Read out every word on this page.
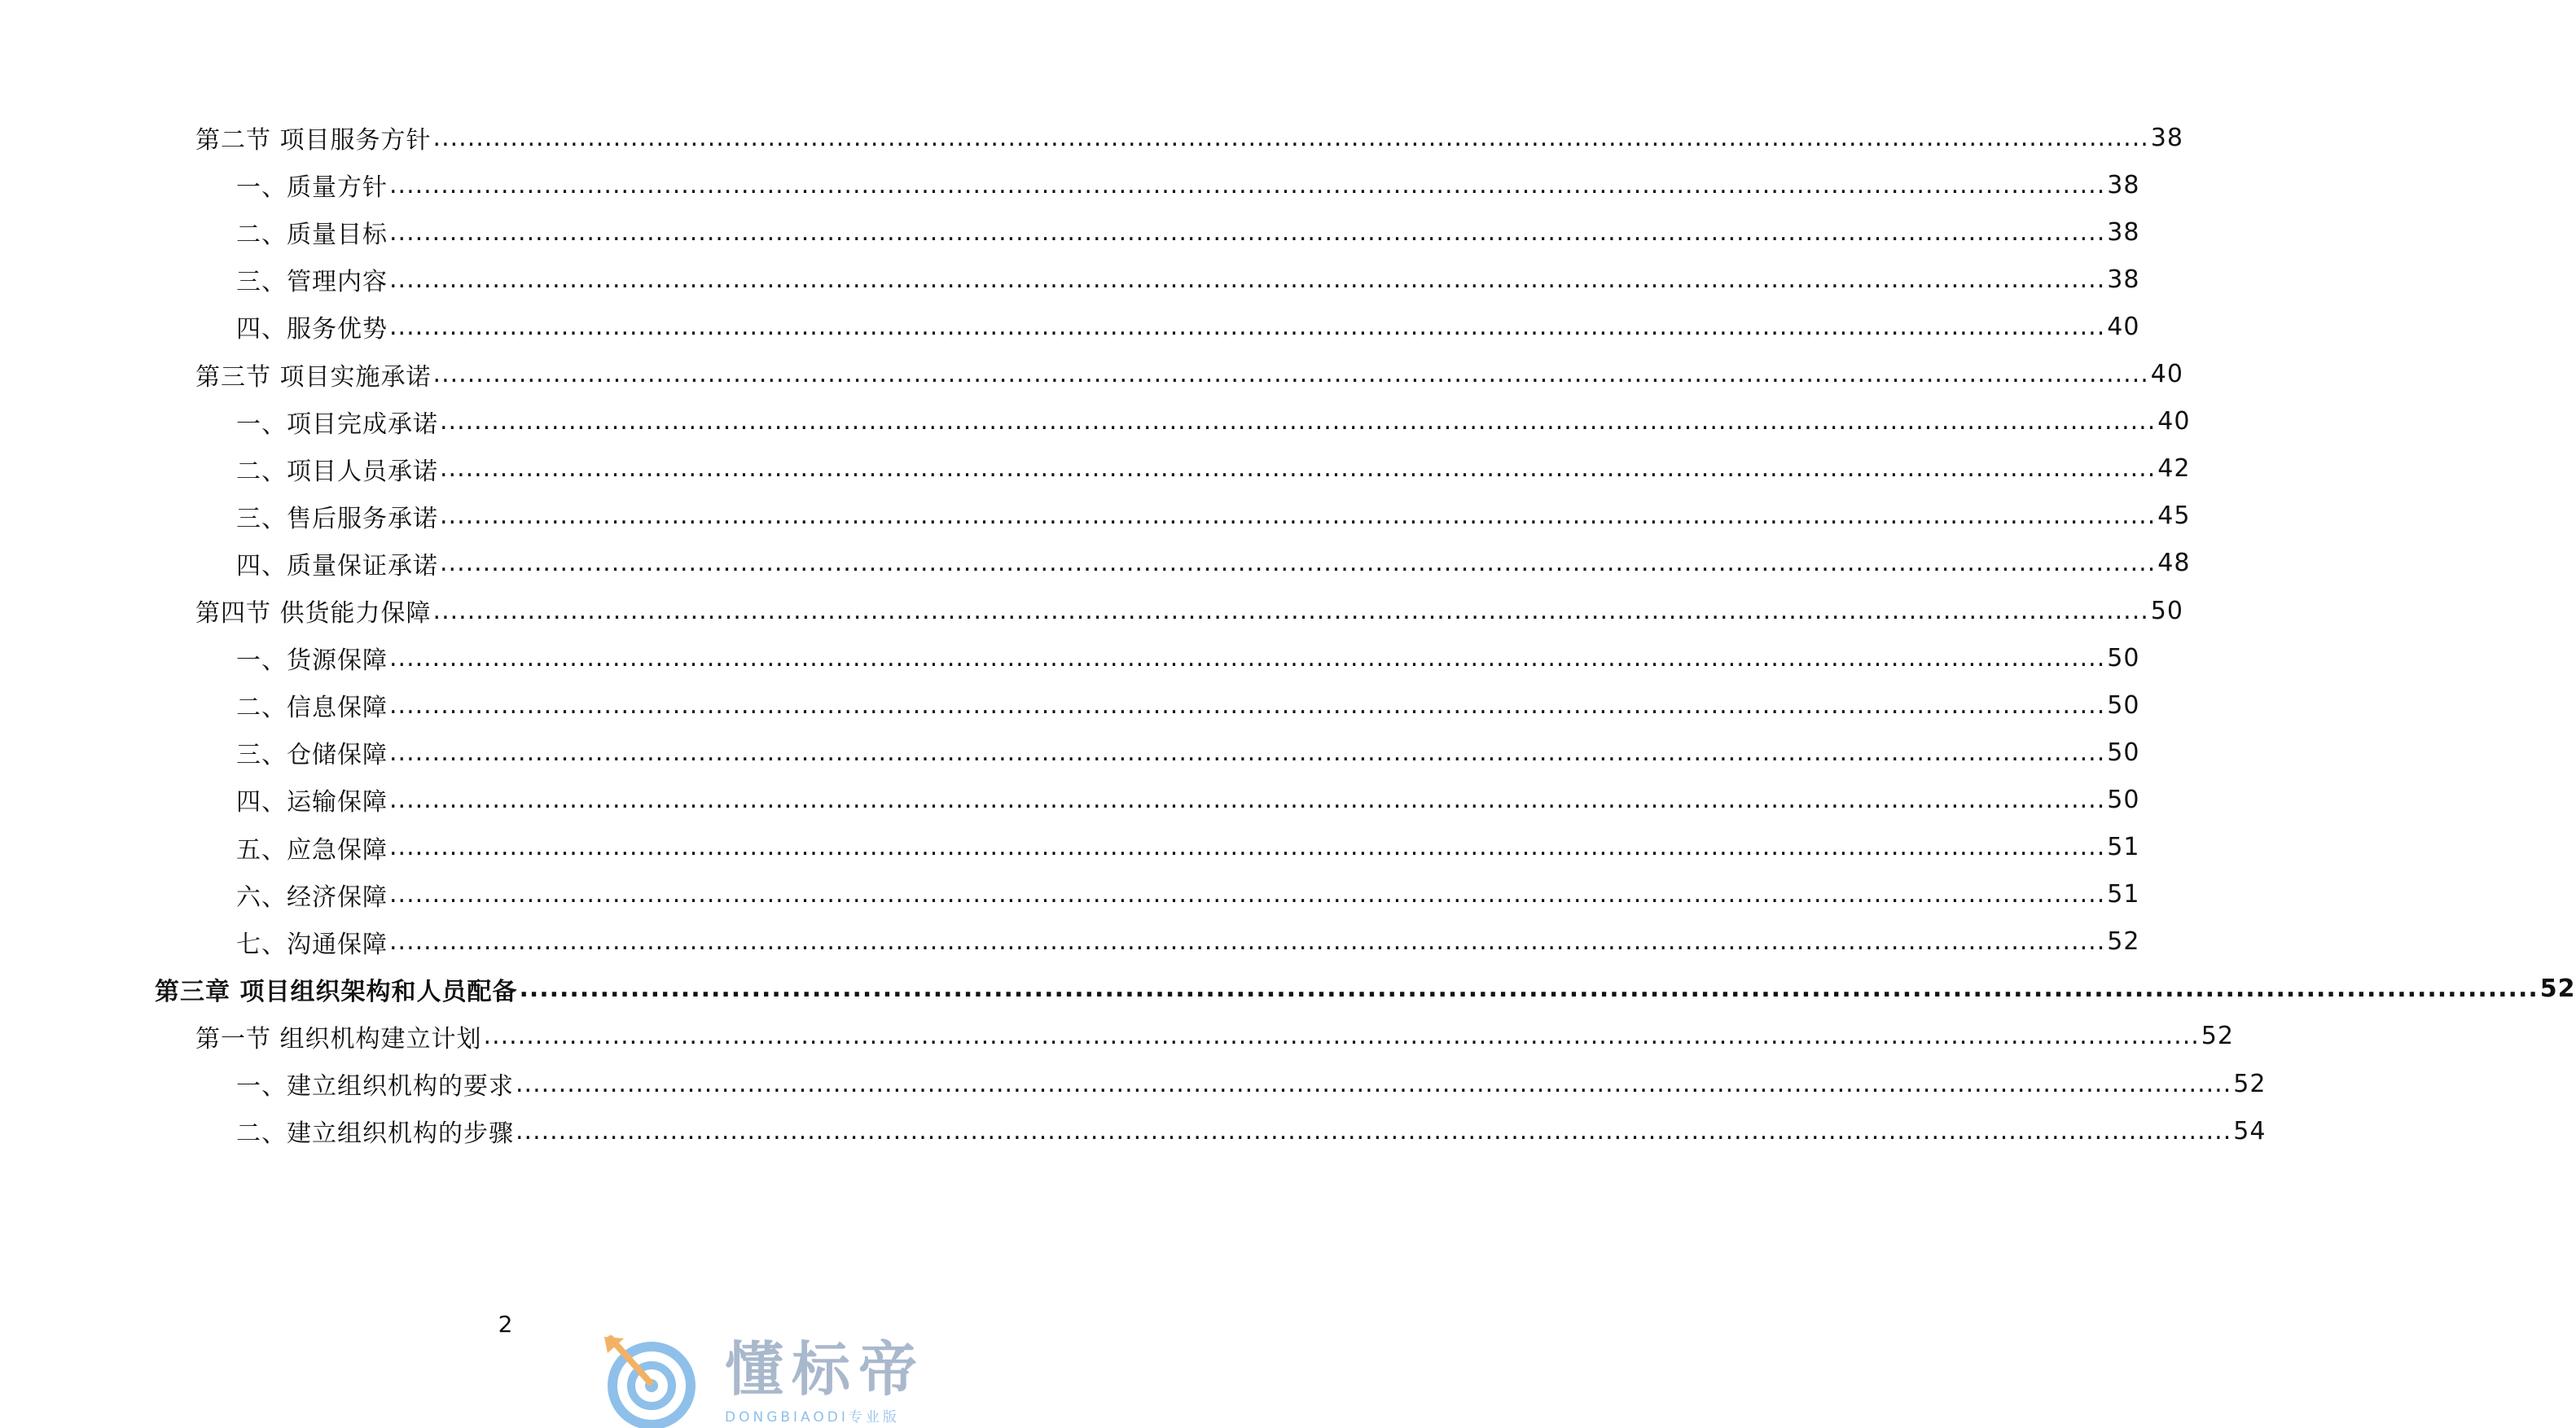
第二节 项目服务方针 ........................................................................................................................................................................................................ 38
一、质量方针 ........................................................................................................................................................................................................ 38
二、质量目标 ........................................................................................................................................................................................................ 38
三、管理内容 ........................................................................................................................................................................................................ 38
四、服务优势 ........................................................................................................................................................................................................ 40
第三节 项目实施承诺 ........................................................................................................................................................................................................ 40
一、项目完成承诺 ........................................................................................................................................................................................................ 40
二、项目人员承诺 ........................................................................................................................................................................................................ 42
三、售后服务承诺 ........................................................................................................................................................................................................ 45
四、质量保证承诺 ........................................................................................................................................................................................................ 48
第四节 供货能力保障 ........................................................................................................................................................................................................ 50
一、货源保障 ........................................................................................................................................................................................................ 50
二、信息保障 ........................................................................................................................................................................................................ 50
三、仓储保障 ........................................................................................................................................................................................................ 50
四、运输保障 ........................................................................................................................................................................................................ 50
五、应急保障 ........................................................................................................................................................................................................ 51
六、经济保障 ........................................................................................................................................................................................................ 51
七、沟通保障 ........................................................................................................................................................................................................ 52
第三章 项目组织架构和人员配备 ........................................................................................................................................................................................................ 52
第一节 组织机构建立计划 ........................................................................................................................................................................................................ 52
一、建立组织机构的要求 ........................................................................................................................................................................................................ 52
二、建立组织机构的步骤 ........................................................................................................................................................................................................ 54
2
懂标帝
DONGBIAODI专业版
